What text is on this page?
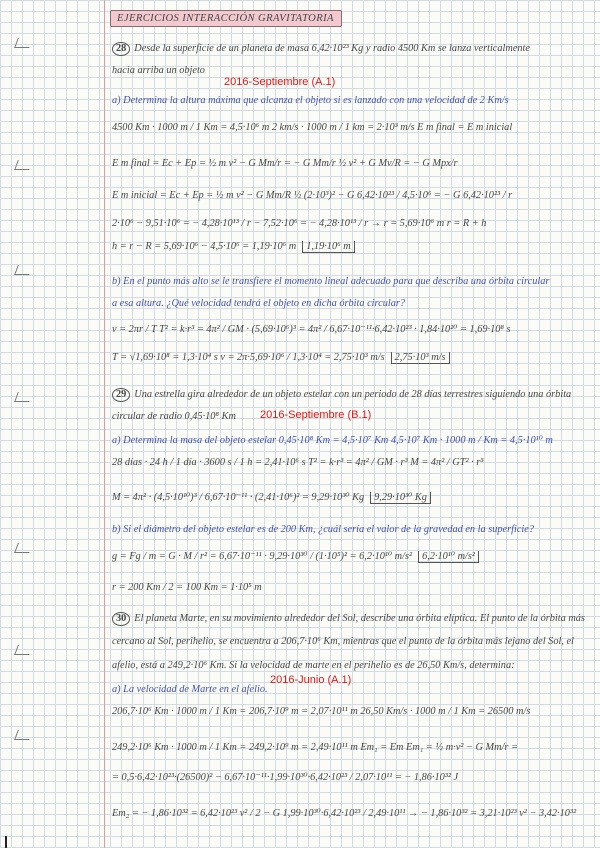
EJERCICIOS INTERACCIÓN GRAVITATORIA
28 Desde la superficie de un planeta de masa 6,42·10²³ Kg y radio 4500 Km se lanza verticalmente
hacia arriba un objeto
a) Determina la altura máxima que alcanza el objeto si es lanzado con una velocidad de 2 Km/s
4500 Km · 1000 m / 1 Km = 4,5·10⁶ m 2 km/s · 1000 m / 1 km = 2·10³ m/s E m final = E m inicial
E m final = Ec + Ep = ½ m v² − G Mm/r = − G Mm/r ½ v² + G Mv/R = − G Mpx/r
E m inicial = Ec + Ep = ½ m v² − G Mm/R ½ (2·10³)² − G 6,42·10²³ / 4,5·10⁶ = − G 6,42·10²³ / r
2·10⁶ − 9,51·10⁶ = − 4,28·10¹³ / r − 7,52·10⁶ = − 4,28·10¹³ / r → r = 5,69·10⁶ m r = R + h
h = r − R = 5,69·10⁶ − 4,5·10⁶ = 1,19·10⁶ m 1,19·10⁶ m
b) En el punto más alto se le transfiere el momento lineal adecuado para que describa una órbita circular
a esa altura. ¿Qué velocidad tendrá el objeto en dicha órbita circular?
v = 2πr / T T² = k·r³ = 4π² / GM · (5,69·10⁶)³ = 4π² / 6,67·10⁻¹¹·6,42·10²³ · 1,84·10²⁰ = 1,69·10⁸ s
T = √1,69·10⁸ = 1,3·10⁴ s v = 2π·5,69·10⁶ / 1,3·10⁴ = 2,75·10³ m/s 2,75·10³ m/s
29 Una estrella gira alrededor de un objeto estelar con un periodo de 28 días terrestres siguiendo una órbita
circular de radio 0,45·10⁸ Km
a) Determina la masa del objeto estelar 0,45·10⁸ Km = 4,5·10⁷ Km 4,5·10⁷ Km · 1000 m / Km = 4,5·10¹⁰ m
28 días · 24 h / 1 día · 3600 s / 1 h = 2,41·10⁶ s T² = k·r³ = 4π² / GM · r³ M = 4π² / GT² · r³
M = 4π² · (4,5·10¹⁰)³ / 6,67·10⁻¹¹ · (2,41·10⁶)² = 9,29·10³⁰ Kg 9,29·10³⁰ Kg
b) Si el diámetro del objeto estelar es de 200 Km, ¿cuál sería el valor de la gravedad en la superficie?
g = Fg / m = G · M / r² = 6,67·10⁻¹¹ · 9,29·10³⁰ / (1·10⁵)² = 6,2·10¹⁰ m/s² 6,2·10¹⁰ m/s²
r = 200 Km / 2 = 100 Km = 1·10⁵ m
30 El planeta Marte, en su movimiento alrededor del Sol, describe una órbita elíptica. El punto de la órbita más
cercano al Sol, perihelio, se encuentra a 206,7·10⁶ Km, mientras que el punto de la órbita más lejano del Sol, el
afelio, está a 249,2·10⁶ Km. Si la velocidad de marte en el perihelio es de 26,50 Km/s, determina:
a) La velocidad de Marte en el afelio.
206,7·10⁶ Km · 1000 m / 1 Km = 206,7·10⁹ m = 2,07·10¹¹ m 26,50 Km/s · 1000 m / 1 Km = 26500 m/s
249,2·10⁶ Km · 1000 m / 1 Km = 249,2·10⁹ m = 2,49·10¹¹ m Em₁ = Em Em₁ = ½ m·v² − G Mm/r =
= 0,5·6,42·10²³·(26500)² − 6,67·10⁻¹¹·1,99·10³⁰·6,42·10²³ / 2,07·10¹¹ = − 1,86·10³² J
Em₂ = − 1,86·10³² = 6,42·10²³ v² / 2 − G 1,99·10³⁰·6,42·10²³ / 2,49·10¹¹ → − 1,86·10³² = 3,21·10²³ v² − 3,42·10³²
2016-Septiembre (A.1)
2016-Septiembre (B.1)
2016-Junio (A.1)
